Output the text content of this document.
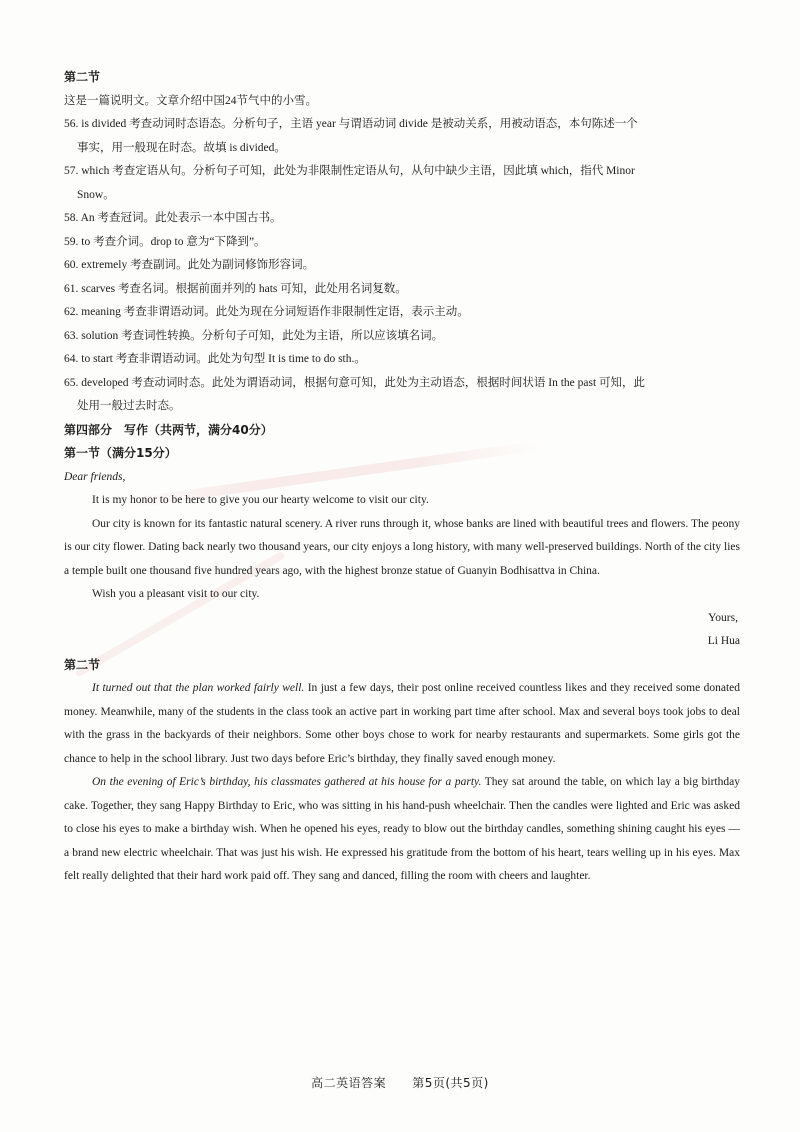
第二节
这是一篇说明文。文章介绍中国24节气中的小雪。
56. is divided 考查动词时态语态。分析句子，主语 year 与谓语动词 divide 是被动关系，用被动语态，本句陈述一个
事实，用一般现在时态。故填 is divided。
57. which 考查定语从句。分析句子可知，此处为非限制性定语从句，从句中缺少主语，因此填 which，指代 Minor
Snow。
58. An 考查冠词。此处表示一本中国古书。
59. to 考查介词。drop to 意为“下降到”。
60. extremely 考查副词。此处为副词修饰形容词。
61. scarves 考查名词。根据前面并列的 hats 可知，此处用名词复数。
62. meaning 考查非谓语动词。此处为现在分词短语作非限制性定语，表示主动。
63. solution 考查词性转换。分析句子可知，此处为主语，所以应该填名词。
64. to start 考查非谓语动词。此处为句型 It is time to do sth.。
65. developed 考查动词时态。此处为谓语动词，根据句意可知，此处为主动语态，根据时间状语 In the past 可知，此
处用一般过去时态。
第四部分　写作（共两节，满分40分）
第一节（满分15分）
Dear friends,

It is my honor to be here to give you our hearty welcome to visit our city.

Our city is known for its fantastic natural scenery. A river runs through it, whose banks are lined with beautiful trees and flowers. The peony is our city flower. Dating back nearly two thousand years, our city enjoys a long history, with many well-preserved buildings. North of the city lies a temple built one thousand five hundred years ago, with the highest bronze statue of Guanyin Bodhisattva in China.

Wish you a pleasant visit to our city.

Yours,
Li Hua
第二节

It turned out that the plan worked fairly well. In just a few days, their post online received countless likes and they received some donated money. Meanwhile, many of the students in the class took an active part in working part time after school. Max and several boys took jobs to deal with the grass in the backyards of their neighbors. Some other boys chose to work for nearby restaurants and supermarkets. Some girls got the chance to help in the school library. Just two days before Eric’s birthday, they finally saved enough money.

On the evening of Eric’s birthday, his classmates gathered at his house for a party. They sat around the table, on which lay a big birthday cake. Together, they sang Happy Birthday to Eric, who was sitting in his hand-push wheelchair. Then the candles were lighted and Eric was asked to close his eyes to make a birthday wish. When he opened his eyes, ready to blow out the birthday candles, something shining caught his eyes — a brand new electric wheelchair. That was just his wish. He expressed his gratitude from the bottom of his heart, tears welling up in his eyes. Max felt really delighted that their hard work paid off. They sang and danced, filling the room with cheers and laughter.

高二英语答案 第5页(共5页)
